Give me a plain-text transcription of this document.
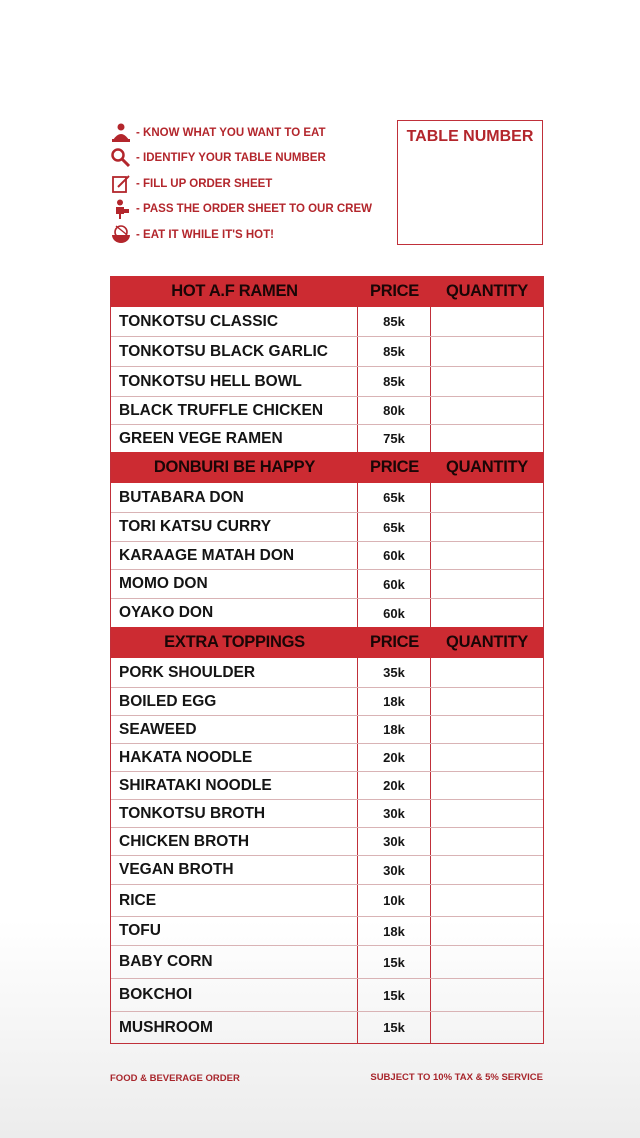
- KNOW WHAT YOU WANT TO EAT
- IDENTIFY YOUR TABLE NUMBER
- FILL UP ORDER SHEET
- PASS THE ORDER SHEET TO OUR CREW
- EAT IT WHILE IT'S HOT!
TABLE NUMBER
HOT A.F RAMEN	PRICE	QUANTITY
TONKOTSU CLASSIC	85k
TONKOTSU BLACK GARLIC	85k
TONKOTSU HELL BOWL	85k
BLACK TRUFFLE CHICKEN	80k
GREEN VEGE RAMEN	75k
DONBURI BE HAPPY	PRICE	QUANTITY
BUTABARA DON	65k
TORI KATSU CURRY	65k
KARAAGE MATAH DON	60k
MOMO DON	60k
OYAKO DON	60k
EXTRA TOPPINGS	PRICE	QUANTITY
PORK SHOULDER	35k
BOILED EGG	18k
SEAWEED	18k
HAKATA NOODLE	20k
SHIRATAKI NOODLE	20k
TONKOTSU BROTH	30k
CHICKEN BROTH	30k
VEGAN BROTH	30k
RICE	10k
TOFU	18k
BABY CORN	15k
BOKCHOI	15k
MUSHROOM	15k
FOOD & BEVERAGE ORDER	SUBJECT TO 10% TAX & 5% SERVICE
